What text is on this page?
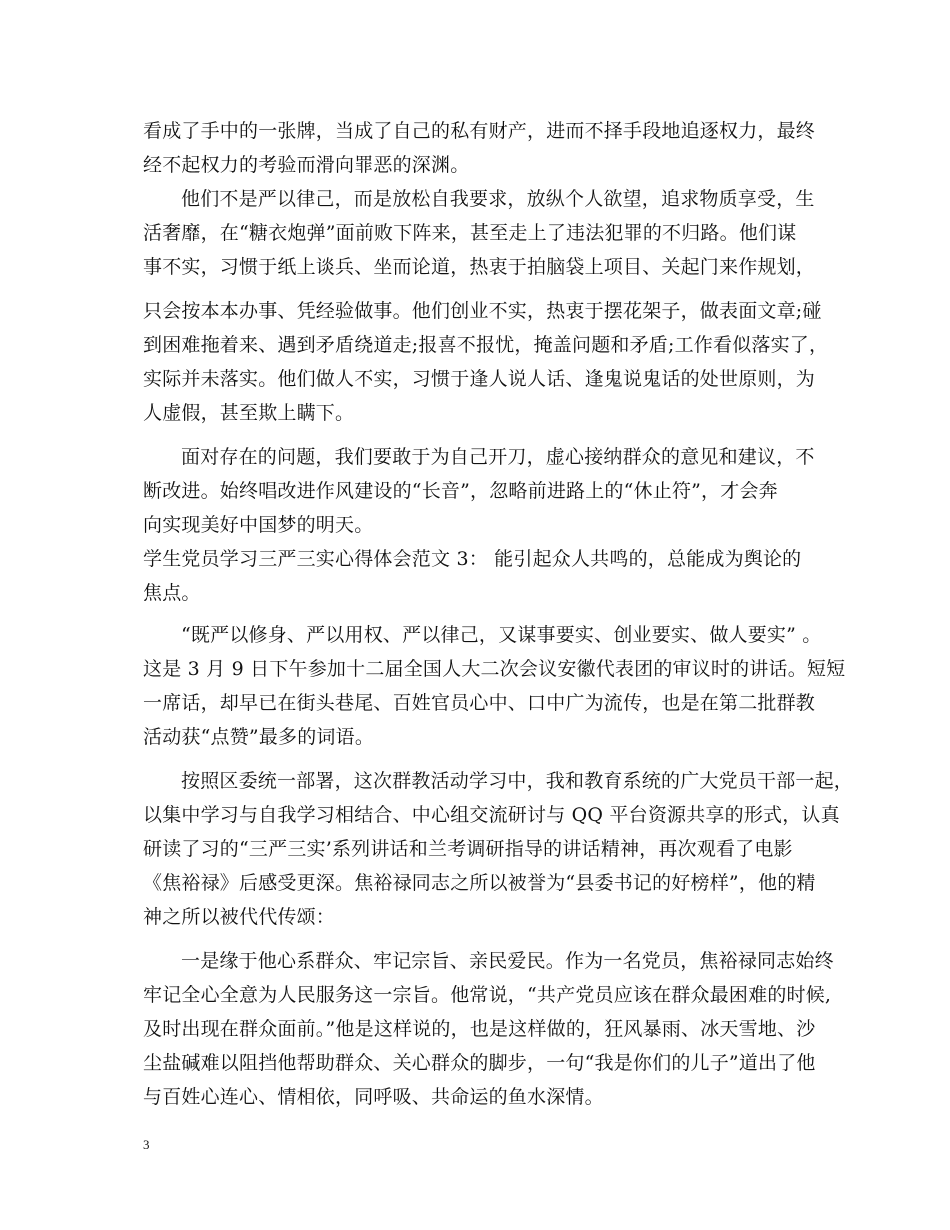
看成了手中的一张牌，当成了自己的私有财产，进而不择手段地追逐权力，最终
经不起权力的考验而滑向罪恶的深渊。
他们不是严以律己，而是放松自我要求，放纵个人欲望，追求物质享受，生
活奢靡，在“糖衣炮弹”面前败下阵来，甚至走上了违法犯罪的不归路。他们谋
事不实，习惯于纸上谈兵、坐而论道，热衷于拍脑袋上项目、关起门来作规划，
只会按本本办事、凭经验做事。他们创业不实，热衷于摆花架子，做表面文章;碰
到困难拖着来、遇到矛盾绕道走;报喜不报忧，掩盖问题和矛盾;工作看似落实了，
实际并未落实。他们做人不实，习惯于逢人说人话、逢鬼说鬼话的处世原则，为
人虚假，甚至欺上瞒下。
面对存在的问题，我们要敢于为自己开刀，虚心接纳群众的意见和建议，不
断改进。始终唱改进作风建设的“长音”，忽略前进路上的“休止符”，才会奔
向实现美好中国梦的明天。
学生党员学习三严三实心得体会范文 3： 能引起众人共鸣的，总能成为舆论的
焦点。
“既严以修身、严以用权、严以律己，又谋事要实、创业要实、做人要实” 。
这是 3 月 9 日下午参加十二届全国人大二次会议安徽代表团的审议时的讲话。短短
一席话，却早已在街头巷尾、百姓官员心中、口中广为流传，也是在第二批群教
活动获“点赞”最多的词语。
按照区委统一部署，这次群教活动学习中，我和教育系统的广大党员干部一起，
以集中学习与自我学习相结合、中心组交流研讨与 QQ 平台资源共享的形式，认真
研读了习的“三严三实’系列讲话和兰考调研指导的讲话精神，再次观看了电影
《焦裕禄》后感受更深。焦裕禄同志之所以被誉为“县委书记的好榜样”，他的精
神之所以被代代传颂：
一是缘于他心系群众、牢记宗旨、亲民爱民。作为一名党员，焦裕禄同志始终
牢记全心全意为人民服务这一宗旨。他常说，“共产党员应该在群众最困难的时候,
及时出现在群众面前。”他是这样说的，也是这样做的，狂风暴雨、冰天雪地、沙
尘盐碱难以阻挡他帮助群众、关心群众的脚步，一句“我是你们的儿子”道出了他
与百姓心连心、情相依，同呼吸、共命运的鱼水深情。
3
